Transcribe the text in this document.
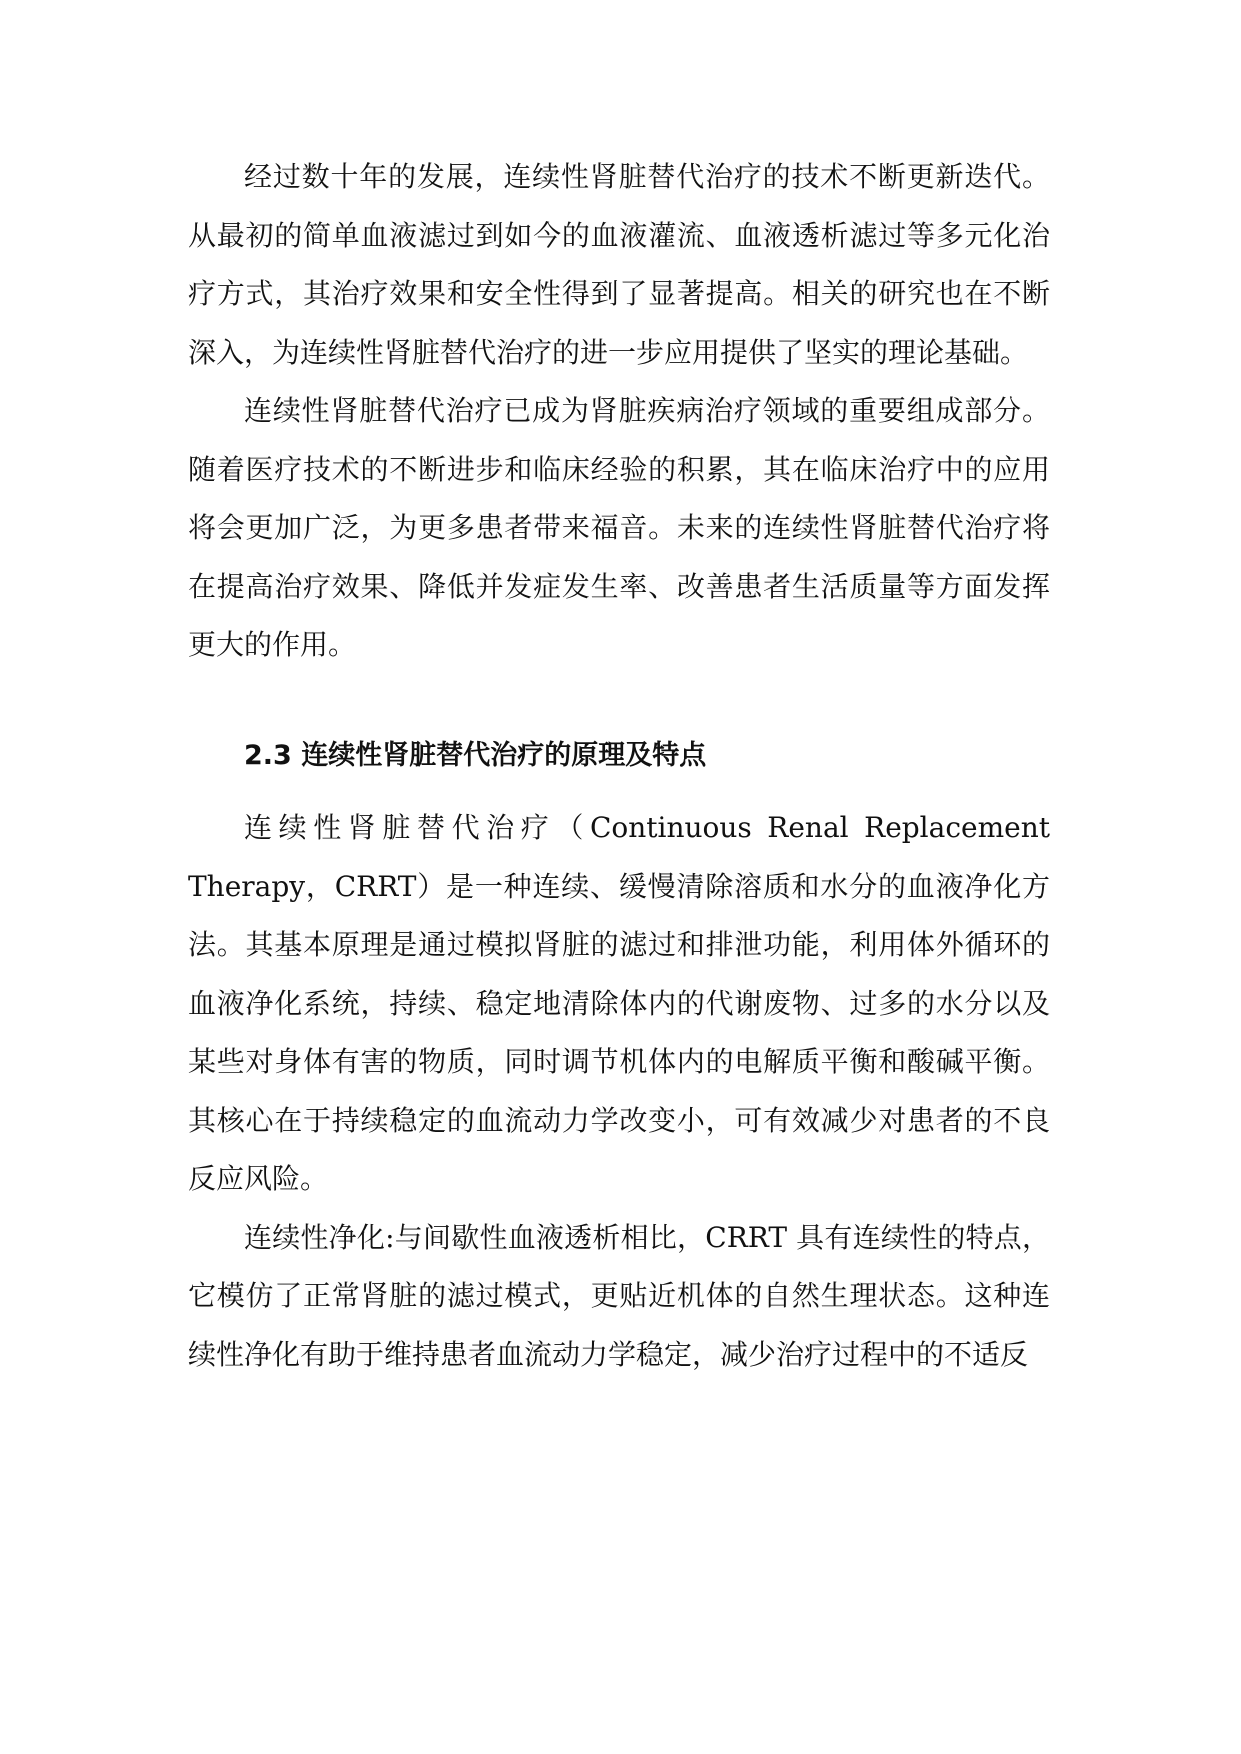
经过数十年的发展，连续性肾脏替代治疗的技术不断更新迭代。从最初的简单血液滤过到如今的血液灌流、血液透析滤过等多元化治疗方式，其治疗效果和安全性得到了显著提高。相关的研究也在不断深入，为连续性肾脏替代治疗的进一步应用提供了坚实的理论基础。

连续性肾脏替代治疗已成为肾脏疾病治疗领域的重要组成部分。随着医疗技术的不断进步和临床经验的积累，其在临床治疗中的应用将会更加广泛，为更多患者带来福音。未来的连续性肾脏替代治疗将在提高治疗效果、降低并发症发生率、改善患者生活质量等方面发挥更大的作用。

2.3 连续性肾脏替代治疗的原理及特点

连续性肾脏替代治疗（Continuous Renal Replacement Therapy，CRRT）是一种连续、缓慢清除溶质和水分的血液净化方法。其基本原理是通过模拟肾脏的滤过和排泄功能，利用体外循环的血液净化系统，持续、稳定地清除体内的代谢废物、过多的水分以及某些对身体有害的物质，同时调节机体内的电解质平衡和酸碱平衡。其核心在于持续稳定的血流动力学改变小，可有效减少对患者的不良反应风险。

连续性净化:与间歇性血液透析相比，CRRT 具有连续性的特点，它模仿了正常肾脏的滤过模式，更贴近机体的自然生理状态。这种连续性净化有助于维持患者血流动力学稳定，减少治疗过程中的不适反
